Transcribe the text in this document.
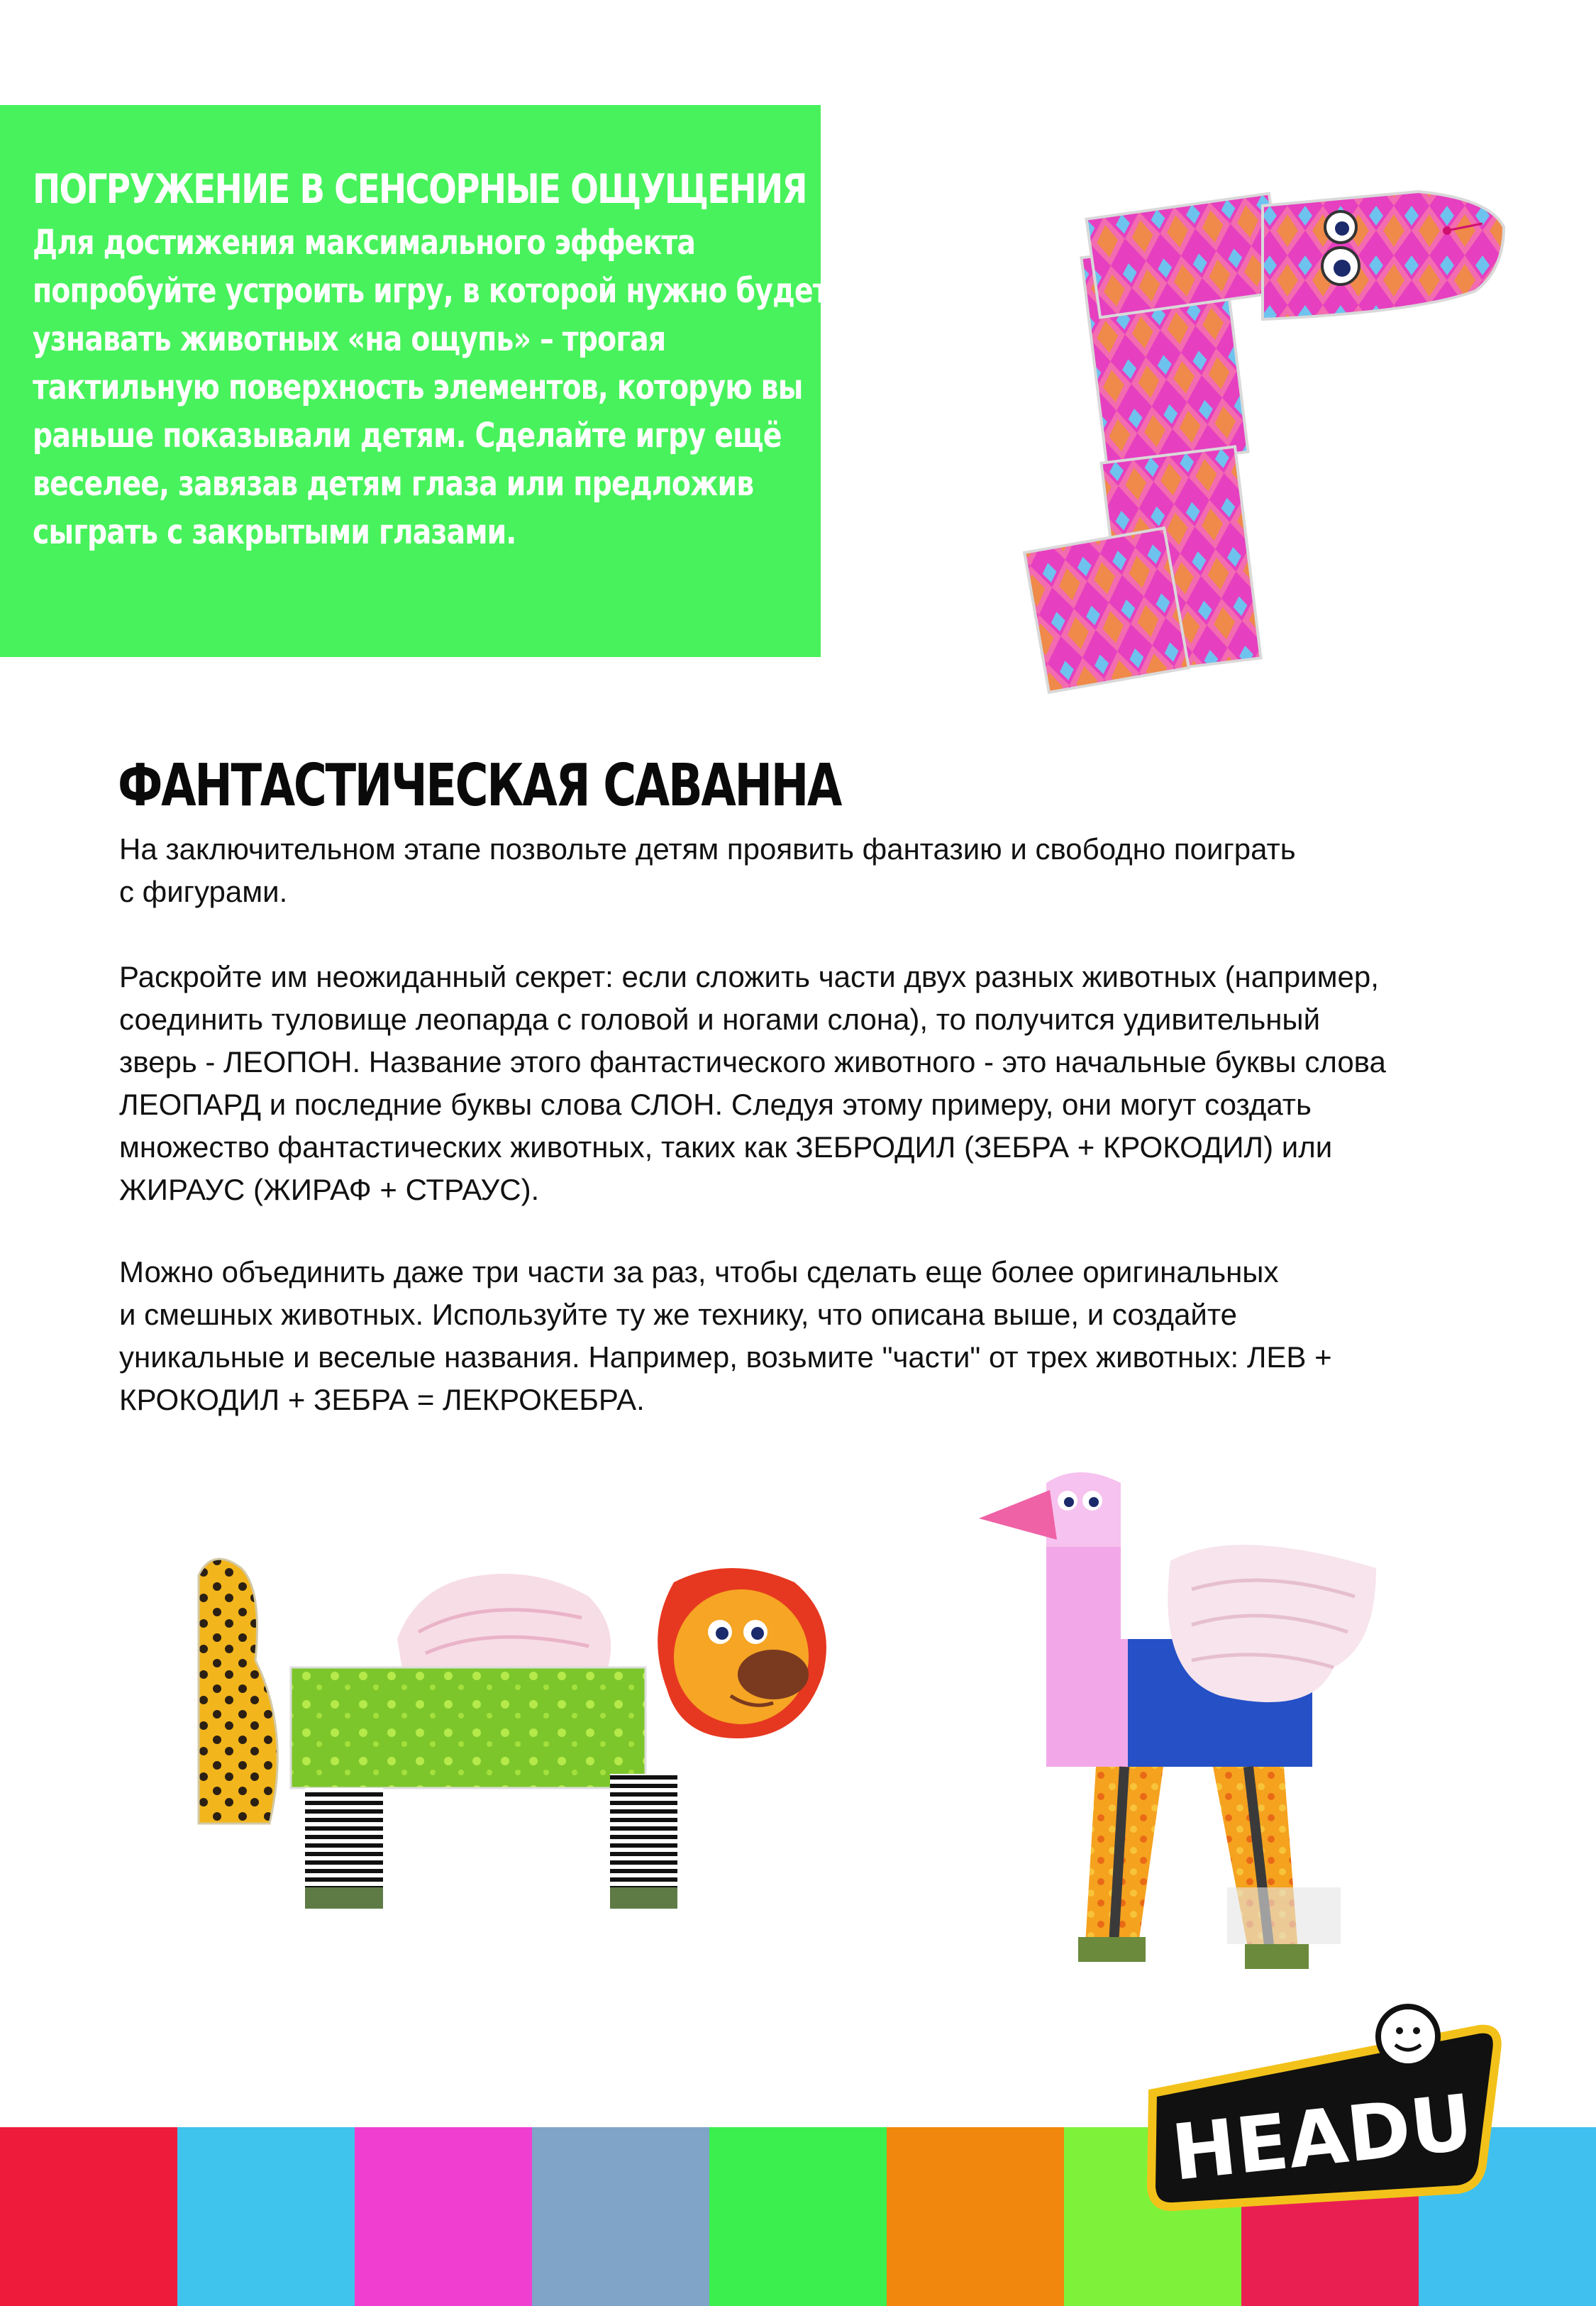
ПОГРУЖЕНИЕ В СЕНСОРНЫЕ ОЩУЩЕНИЯ
Для достижения максимального эффекта
попробуйте устроить игру, в которой нужно будет
узнавать животных «на ощупь» – трогая
тактильную поверхность элементов, которую вы
раньше показывали детям. Сделайте игру ещё
веселее, завязав детям глаза или предложив
сыграть с закрытыми глазами.
ФАНТАСТИЧЕСКАЯ САВАННА
На заключительном этапе позвольте детям проявить фантазию и свободно поиграть
с фигурами.
Раскройте им неожиданный секрет: если сложить части двух разных животных (например,
соединить туловище леопарда с головой и ногами слона), то получится удивительный
зверь - ЛЕОПОН. Название этого фантастического животного - это начальные буквы слова
ЛЕОПАРД и последние буквы слова СЛОН. Следуя этому примеру, они могут создать
множество фантастических животных, таких как ЗЕБРОДИЛ (ЗЕБРА + КРОКОДИЛ) или
ЖИРАУС (ЖИРАФ + СТРАУС).
Можно объединить даже три части за раз, чтобы сделать еще более оригинальных
и смешных животных. Используйте ту же технику, что описана выше, и создайте
уникальные и веселые названия. Например, возьмите "части" от трех животных: ЛЕВ +
КРОКОДИЛ + ЗЕБРА = ЛЕКРОКЕБРА.
HEADU
